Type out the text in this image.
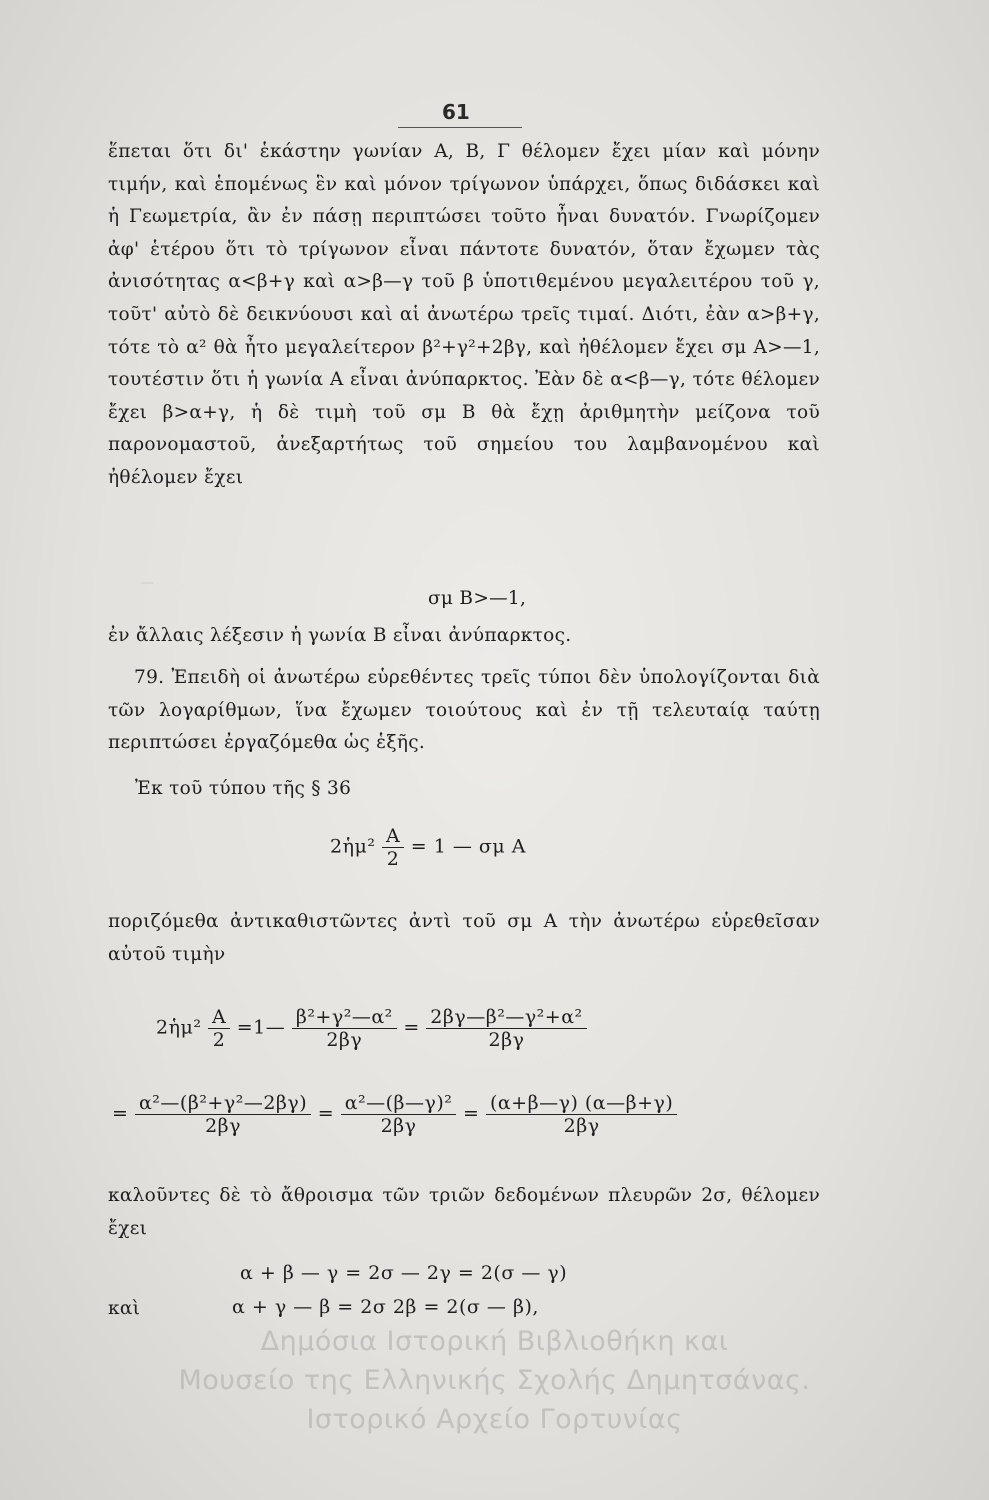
—
61
ἕπεται ὅτι δι' ἑκάστην γωνίαν Α, Β, Γ θέλομεν ἔχει μίαν καὶ μόνην τιμήν, καὶ ἑπομένως ἓν καὶ μόνον τρίγωνον ὑπάρχει, ὅπως διδάσκει καὶ ἡ Γεωμετρία, ἂν ἐν πάσῃ περιπτώσει τοῦτο ἦναι δυνατόν. Γνωρίζομεν ἀφ' ἑτέρου ὅτι τὸ τρίγωνον εἶναι πάντοτε δυνατόν, ὅταν ἔχωμεν τὰς ἀνισότητας α<β+γ καὶ α>β—γ τοῦ β ὑποτιθεμένου μεγαλειτέρου τοῦ γ, τοῦτ' αὐτὸ δὲ δεικνύουσι καὶ αἱ ἀνωτέρω τρεῖς τιμαί. Διότι, ἐὰν α>β+γ, τότε τὸ α² θὰ ἦτο μεγαλείτερον β²+γ²+2βγ, καὶ ἠθέλομεν ἔχει σμ Α>—1, τουτέστιν ὅτι ἡ γωνία Α εἶναι ἀνύπαρκτος. Ἐὰν δὲ α<β—γ, τότε θέλομεν ἔχει β>α+γ, ἡ δὲ τιμὴ τοῦ σμ Β θὰ ἔχῃ ἀριθμητὴν μείζονα τοῦ παρονομαστοῦ, ἀνεξαρτήτως τοῦ σημείου του λαμβανομένου καὶ ἠθέλομεν ἔχει
σμ Β>—1,
ἐν ἄλλαις λέξεσιν ἡ γωνία Β εἶναι ἀνύπαρκτος.
79. Ἐπειδὴ οἱ ἀνωτέρω εὑρεθέντες τρεῖς τύποι δὲν ὑπολογίζονται διὰ τῶν λογαρίθμων, ἵνα ἔχωμεν τοιούτους καὶ ἐν τῇ τελευταίᾳ ταύτῃ περιπτώσει ἐργαζόμεθα ὡς ἑξῆς.
Ἐκ τοῦ τύπου τῆς § 36
2ἡμ² $\frac{A}{2} = 1$ — σμ Α
ποριζόμεθα ἀντικαθιστῶντες ἀντὶ τοῦ σμ Α τὴν ἀνωτέρω εὑρεθεῖσαν αὐτοῦ τιμὴν
2ἡμ² $\frac{A}{2}$ =1— $\frac{\text{β²+γ²—α²}}{2\beta\gamma} = \frac{\text{2βγ—β²—γ²+α²}}{2\beta\gamma}$
= $\frac{\text{α²—(β²+γ²—2βγ)}}{2\beta\gamma} = \frac{\text{α²—(β—γ)²}}{2\beta\gamma} = \frac{(\alpha+\beta—\gamma) (\alpha—\beta+\gamma)}{2\beta\gamma}$
καλοῦντες δὲ τὸ ἄθροισμα τῶν τριῶν δεδομένων πλευρῶν 2σ, θέλομεν ἔχει
α + β — γ = 2σ — 2γ = 2(σ — γ)
καὶ	α + γ — β = 2σ 2β = 2(σ — β),
Δημόσια Ιστορική Βιβλιοθήκη και
Μουσείο της Ελληνικής Σχολής Δημητσάνας.
Ιστορικό Αρχείο Γορτυνίας
